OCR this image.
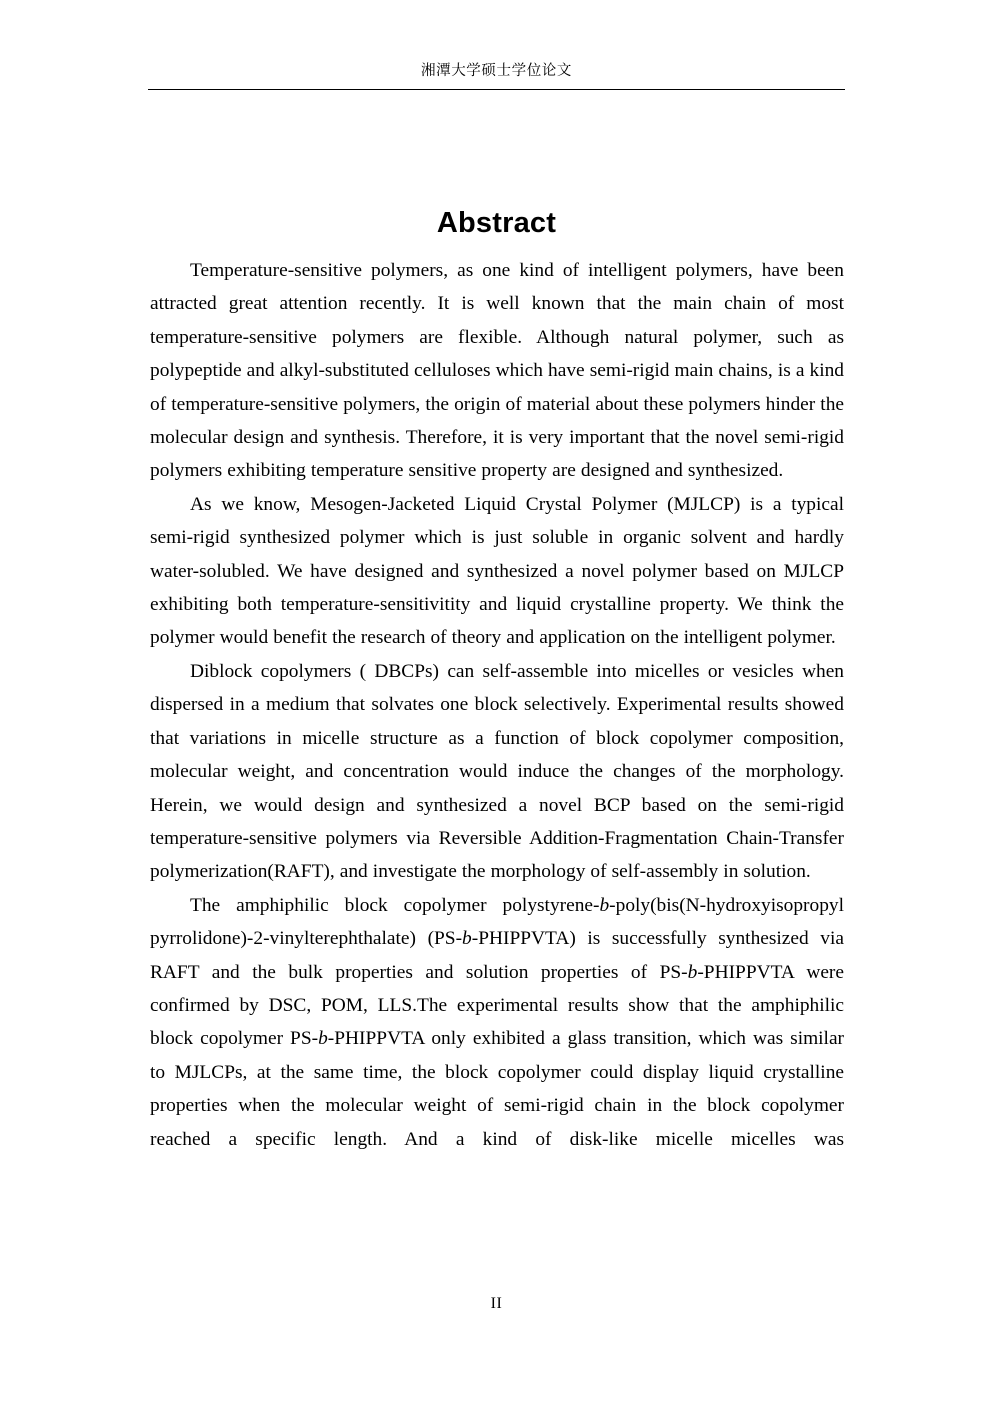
湘潭大学硕士学位论文
Abstract

Temperature-sensitive polymers, as one kind of intelligent polymers, have been attracted great attention recently. It is well known that the main chain of most temperature-sensitive polymers are flexible. Although natural polymer, such as polypeptide and alkyl-substituted celluloses which have semi-rigid main chains, is a kind of temperature-sensitive polymers, the origin of material about these polymers hinder the molecular design and synthesis. Therefore, it is very important that the novel semi-rigid polymers exhibiting temperature sensitive property are designed and synthesized.

As we know, Mesogen-Jacketed Liquid Crystal Polymer (MJLCP) is a typical semi-rigid synthesized polymer which is just soluble in organic solvent and hardly water-solubled. We have designed and synthesized a novel polymer based on MJLCP exhibiting both temperature-sensitivitity and liquid crystalline property. We think the polymer would benefit the research of theory and application on the intelligent polymer.

Diblock copolymers ( DBCPs) can self-assemble into micelles or vesicles when dispersed in a medium that solvates one block selectively. Experimental results showed that variations in micelle structure as a function of block copolymer composition, molecular weight, and concentration would induce the changes of the morphology. Herein, we would design and synthesized a novel BCP based on the semi-rigid temperature-sensitive polymers via Reversible Addition-Fragmentation Chain-Transfer polymerization(RAFT), and investigate the morphology of self-assembly in solution.

The amphiphilic block copolymer polystyrene-b-poly(bis(N-hydroxyisopropyl pyrrolidone)-2-vinylterephthalate) (PS-b-PHIPPVTA) is successfully synthesized via RAFT and the bulk properties and solution properties of PS-b-PHIPPVTA were confirmed by DSC, POM, LLS.The experimental results show that the amphiphilic block copolymer PS-b-PHIPPVTA only exhibited a glass transition, which was similar to MJLCPs, at the same time, the block copolymer could display liquid crystalline properties when the molecular weight of semi-rigid chain in the block copolymer reached a specific length. And a kind of disk-like micelle micelles was

II
